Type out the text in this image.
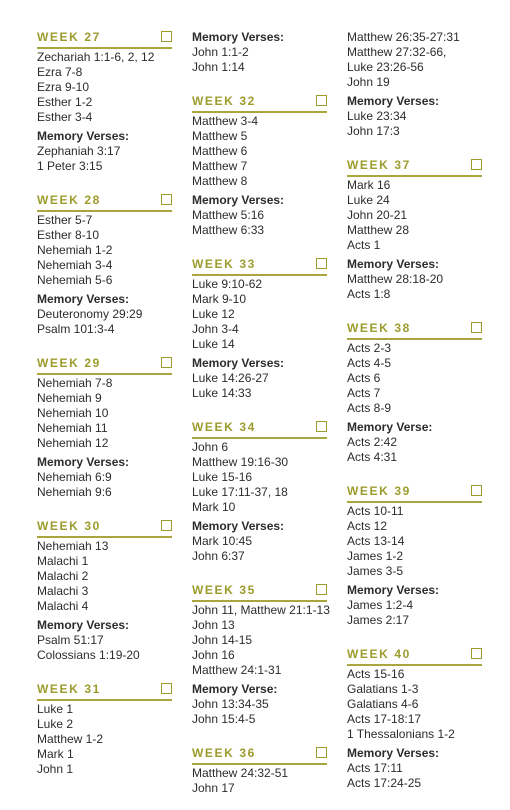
WEEK 27
Zechariah 1:1-6, 2, 12
Ezra 7-8
Ezra 9-10
Esther 1-2
Esther 3-4
Memory Verses:
Zephaniah 3:17
1 Peter 3:15
WEEK 28
Esther 5-7
Esther 8-10
Nehemiah 1-2
Nehemiah 3-4
Nehemiah 5-6
Memory Verses:
Deuteronomy 29:29
Psalm 101:3-4
WEEK 29
Nehemiah 7-8
Nehemiah 9
Nehemiah 10
Nehemiah 11
Nehemiah 12
Memory Verses:
Nehemiah 6:9
Nehemiah 9:6
WEEK 30
Nehemiah 13
Malachi 1
Malachi 2
Malachi 3
Malachi 4
Memory Verses:
Psalm 51:17
Colossians 1:19-20
WEEK 31
Luke 1
Luke 2
Matthew 1-2
Mark 1
John 1
Memory Verses:
John 1:1-2
John 1:14
WEEK 32
Matthew 3-4
Matthew 5
Matthew 6
Matthew 7
Matthew 8
Memory Verses:
Matthew 5:16
Matthew 6:33
WEEK 33
Luke 9:10-62
Mark 9-10
Luke 12
John 3-4
Luke 14
Memory Verses:
Luke 14:26-27
Luke 14:33
WEEK 34
John 6
Matthew 19:16-30
Luke 15-16
Luke 17:11-37, 18
Mark 10
Memory Verses:
Mark 10:45
John 6:37
WEEK 35
John 11, Matthew 21:1-13
John 13
John 14-15
John 16
Matthew 24:1-31
Memory Verse:
John 13:34-35
John 15:4-5
WEEK 36
Matthew 24:32-51
John 17
Matthew 26:35-27:31
Matthew 27:32-66,
Luke 23:26-56
John 19
Memory Verses:
Luke 23:34
John 17:3
WEEK 37
Mark 16
Luke 24
John 20-21
Matthew 28
Acts 1
Memory Verses:
Matthew 28:18-20
Acts 1:8
WEEK 38
Acts 2-3
Acts 4-5
Acts 6
Acts 7
Acts 8-9
Memory Verse:
Acts 2:42
Acts 4:31
WEEK 39
Acts 10-11
Acts 12
Acts 13-14
James 1-2
James 3-5
Memory Verses:
James 1:2-4
James 2:17
WEEK 40
Acts 15-16
Galatians 1-3
Galatians 4-6
Acts 17-18:17
1 Thessalonians 1-2
Memory Verses:
Acts 17:11
Acts 17:24-25
